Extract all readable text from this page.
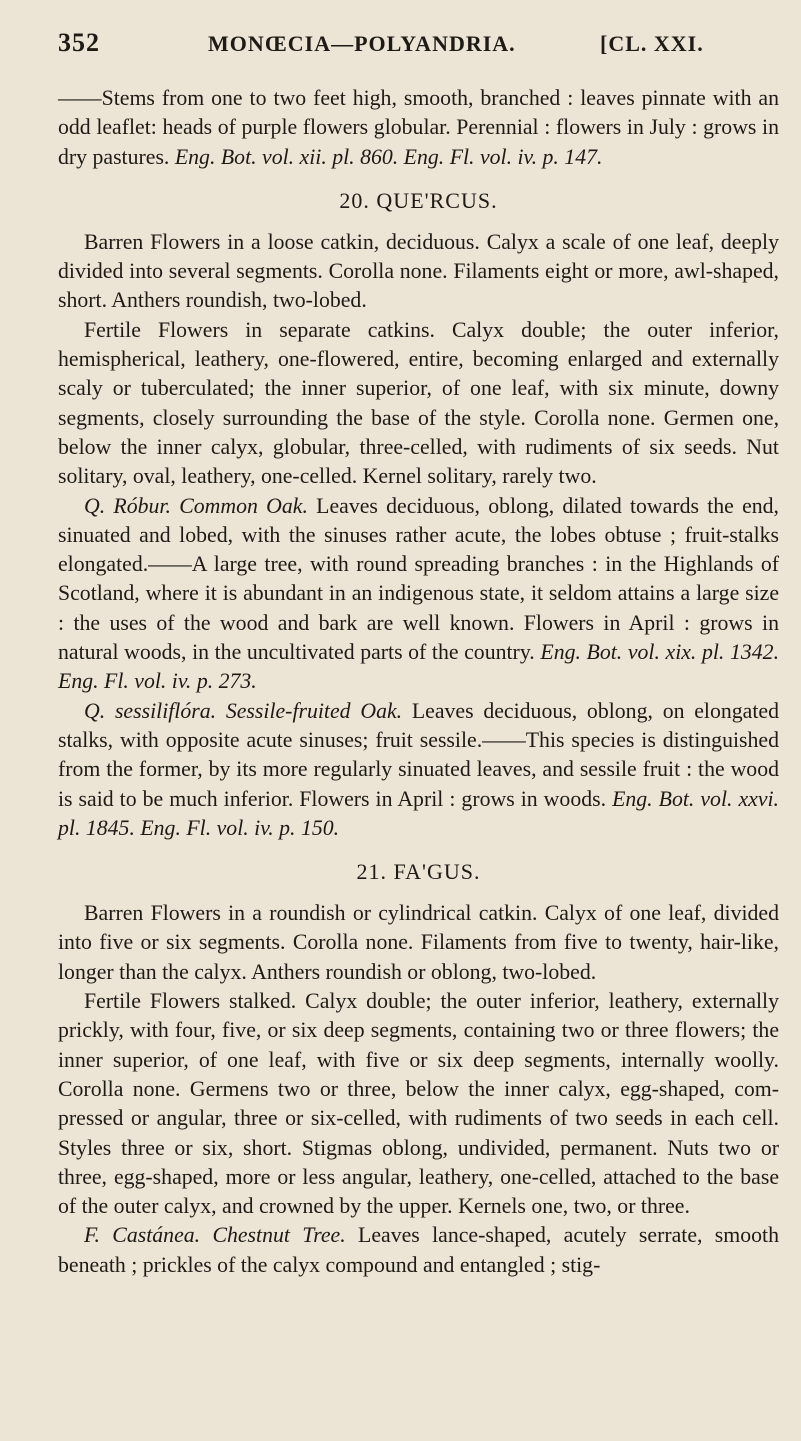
352	MONŒCIA—POLYANDRIA.	[CL. XXI.

——Stems from one to two feet high, smooth, branched : leaves pinnate with an odd leaflet: heads of purple flowers globular. Perennial : flowers in July : grows in dry pastures. Eng. Bot. vol. xii. pl. 860. Eng. Fl. vol. iv. p. 147.

20. QUE'RCUS.

Barren Flowers in a loose catkin, deciduous. Calyx a scale of one leaf, deeply divided into several segments. Corolla none. Filaments eight or more, awl-shaped, short. Anthers roundish, two-lobed.

Fertile Flowers in separate catkins. Calyx double; the outer inferior, hemispherical, leathery, one-flowered, entire, becoming enlarged and externally scaly or tuberculated; the inner superior, of one leaf, with six minute, downy segments, closely surrounding the base of the style. Corolla none. Germen one, below the inner calyx, globular, three-celled, with rudiments of six seeds. Nut solitary, oval, leathery, one-celled. Kernel solitary, rarely two.

Q. Róbur. Common Oak. Leaves deciduous, oblong, dilated towards the end, sinuated and lobed, with the sinuses rather acute, the lobes obtuse ; fruit-stalks elongated.——A large tree, with round spreading branches : in the Highlands of Scotland, where it is abundant in an indigenous state, it seldom attains a large size : the uses of the wood and bark are well known. Flowers in April : grows in natural woods, in the uncultivated parts of the country. Eng. Bot. vol. xix. pl. 1342. Eng. Fl. vol. iv. p. 273.

Q. sessiliflóra. Sessile-fruited Oak. Leaves deciduous, oblong, on elongated stalks, with opposite acute sinuses; fruit sessile.——This species is distinguished from the former, by its more regularly sinuated leaves, and sessile fruit : the wood is said to be much inferior. Flowers in April : grows in woods. Eng. Bot. vol. xxvi. pl. 1845. Eng. Fl. vol. iv. p. 150.

21. FA'GUS.

Barren Flowers in a roundish or cylindrical catkin. Calyx of one leaf, divided into five or six segments. Corolla none. Filaments from five to twenty, hair-like, longer than the calyx. Anthers roundish or oblong, two-lobed.

Fertile Flowers stalked. Calyx double; the outer inferior, leathery, externally prickly, with four, five, or six deep segments, containing two or three flowers; the inner superior, of one leaf, with five or six deep segments, internally woolly. Corolla none. Germens two or three, below the inner calyx, egg-shaped, com-pressed or angular, three or six-celled, with rudiments of two seeds in each cell. Styles three or six, short. Stigmas oblong, undivided, permanent. Nuts two or three, egg-shaped, more or less angular, leathery, one-celled, attached to the base of the outer calyx, and crowned by the upper. Kernels one, two, or three.

F. Castánea. Chestnut Tree. Leaves lance-shaped, acutely serrate, smooth beneath ; prickles of the calyx compound and entangled ; stig-
